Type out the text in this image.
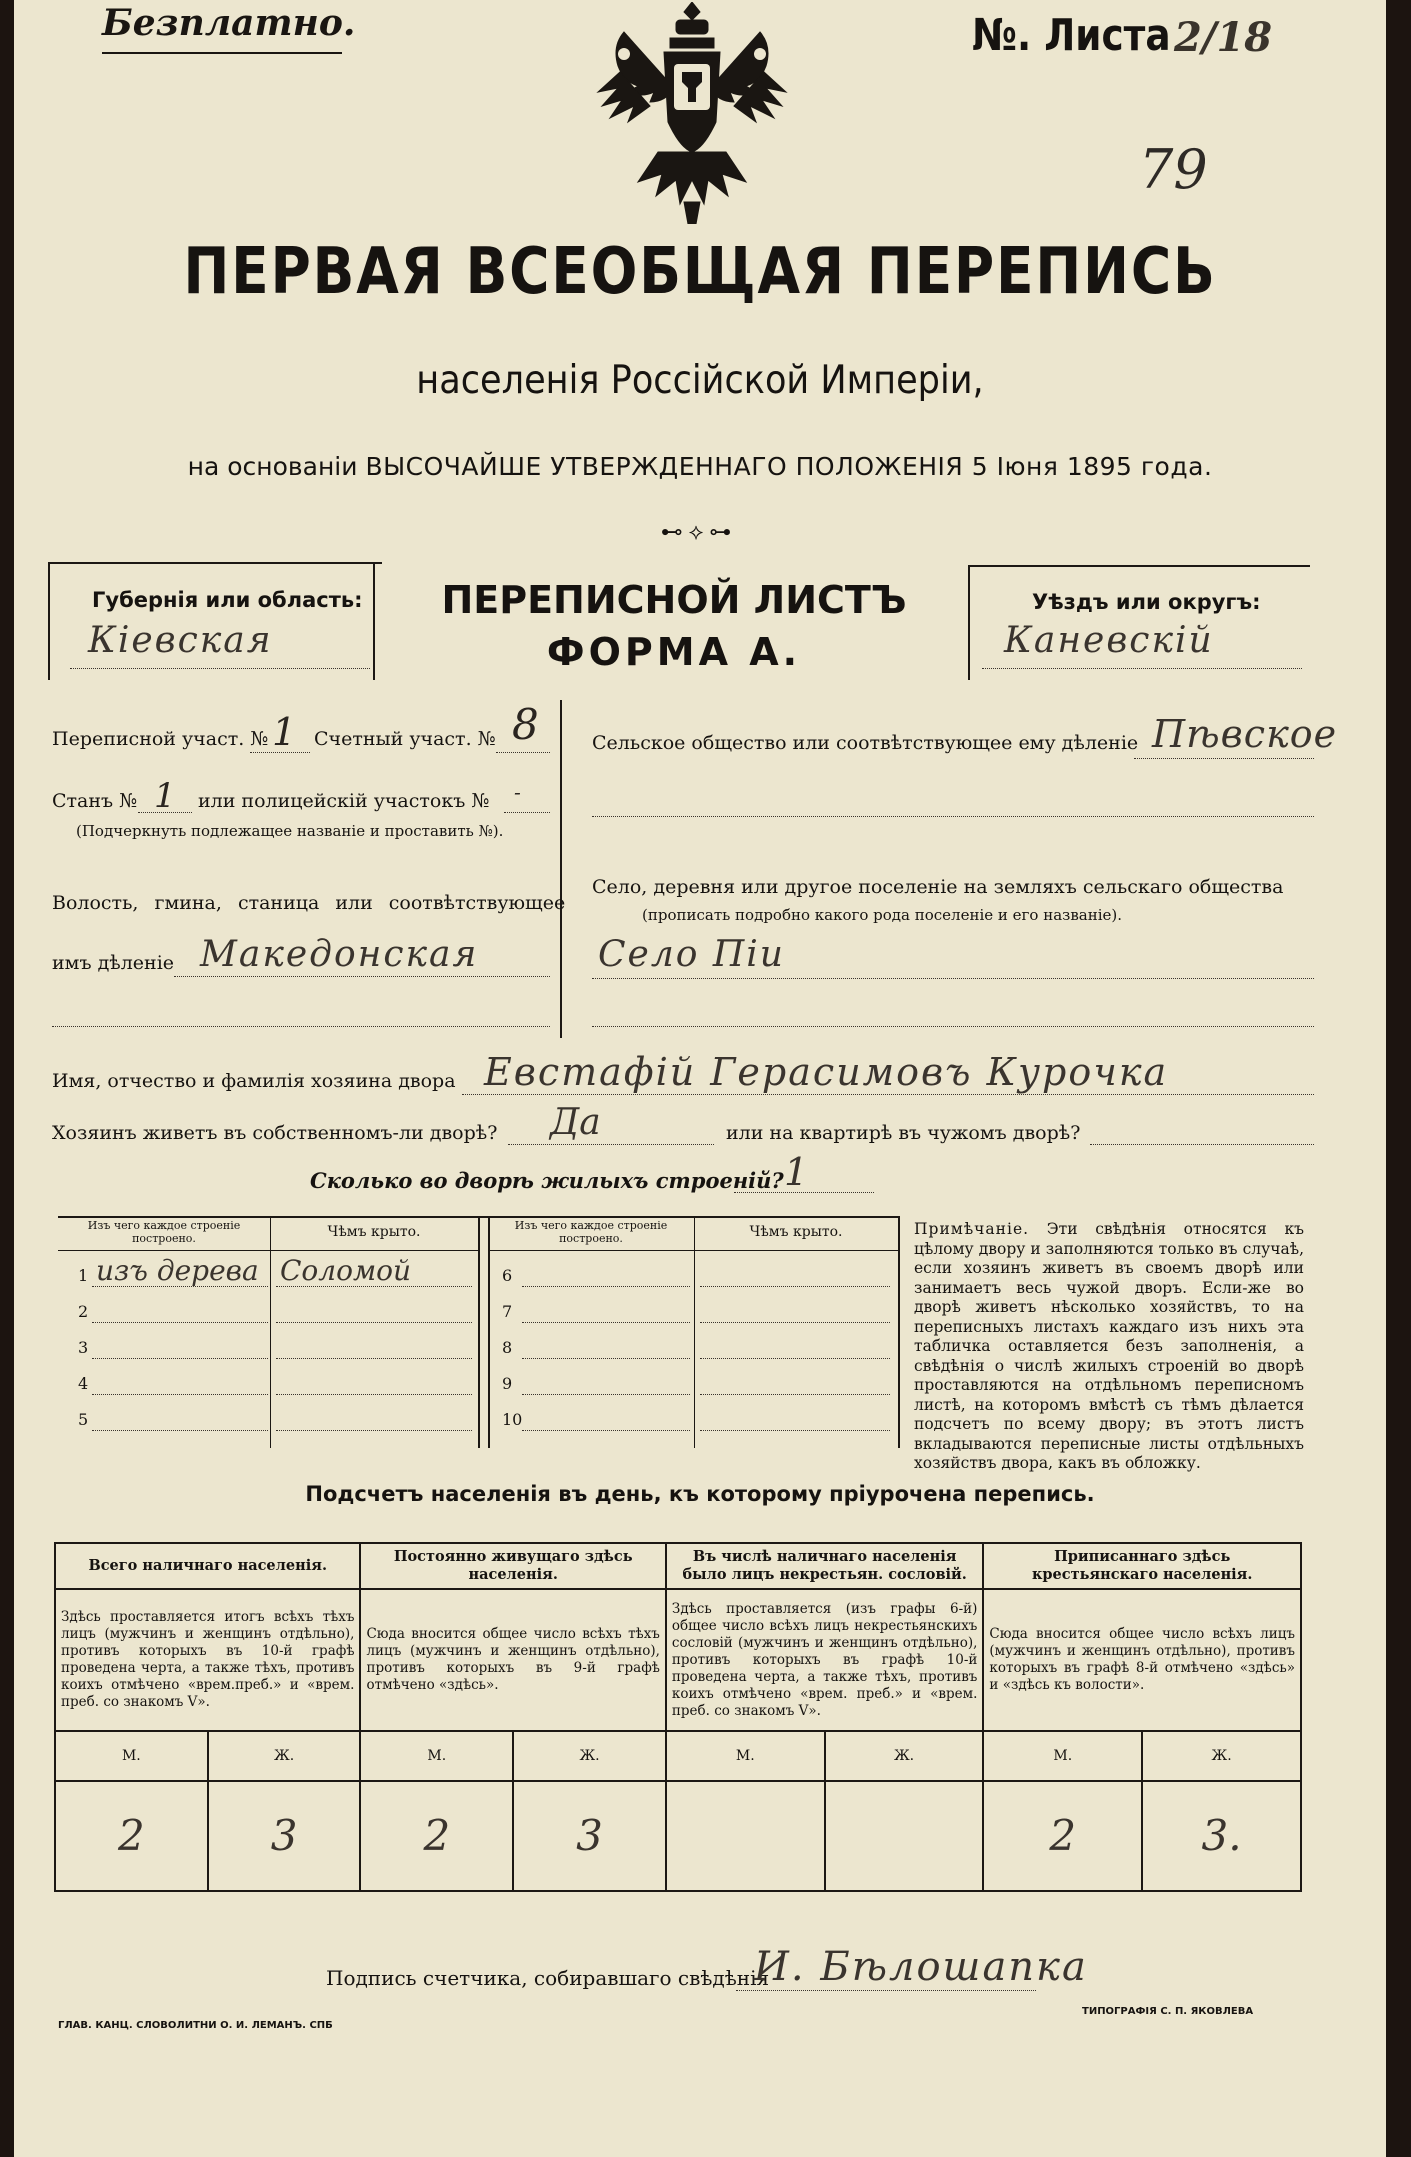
Безплатно.	№. Листа 2/18
79
ПЕРВАЯ ВСЕОБЩАЯ ПЕРЕПИСЬ
населенія Россійской Имперіи,
на основаніи ВЫСОЧАЙШЕ УТВЕРЖДЕННАГО ПОЛОЖЕНІЯ 5 Іюня 1895 года.
⊷⟡⊶
Губернія или область:
Кіевская
ПЕРЕПИСНОЙ ЛИСТЪ
ФОРМА А.
Уѣздъ или округъ:
Каневскій
Переписной участ. № 1 Счетный участ. № 8
Станъ № 1 или полицейскій участокъ № -
(Подчеркнуть подлежащее названіе и проставить №).
Волость, гмина, станица или соотвѣтствующее
имъ дѣленіе Македонская
Сельское общество или соотвѣтствующее ему дѣленіе Пѣвское
Село, деревня или другое поселеніе на земляхъ сельскаго общества
(прописать подробно какого рода поселеніе и его названіе).
Село Піи
Имя, отчество и фамилія хозяина двора Евстафій Герасимовъ Курочка
Хозяинъ живетъ въ собственномъ-ли дворѣ? Да	или на квартирѣ въ чужомъ дворѣ?
Сколько во дворѣ жилыхъ строеній? 1
Изъ чего каждое строеніе построено.	Чѣмъ крыто.	Изъ чего каждое строеніе построено.	Чѣмъ крыто.
1 изъ дерева Соломой
2
3
4
5
6
7
8
9
10
Примѣчаніе. Эти свѣдѣнія относятся къ цѣлому двору и заполняются только въ случаѣ, если хозяинъ живетъ въ своемъ дворѣ или занимаетъ весь чужой дворъ. Если-же во дворѣ живетъ нѣсколько хозяйствъ, то на переписныхъ листахъ каждаго изъ нихъ эта табличка оставляется безъ заполненія, а свѣдѣнія о числѣ жилыхъ строеній во дворѣ проставляются на отдѣльномъ переписномъ листѣ, на которомъ вмѣстѣ съ тѣмъ дѣлается подсчетъ по всему двору; въ этотъ листъ вкладываются переписные листы отдѣльныхъ хозяйствъ двора, какъ въ обложку.
Подсчетъ населенія въ день, къ которому пріурочена перепись.
Всего наличнаго населенія.		Постоянно живущаго здѣсь населенія.		Въ числѣ наличнаго населенія было лицъ некрестьян. сословій.		Приписаннаго здѣсь крестьянскаго населенія.	
Здѣсь проставляется итогъ всѣхъ тѣхъ лицъ (мужчинъ и женщинъ отдѣльно), противъ которыхъ въ 10-й графѣ проведена черта, а также тѣхъ, противъ коихъ отмѣчено «врем.преб.» и «врем. преб. со знакомъ V».		Сюда вносится общее число всѣхъ тѣхъ лицъ (мужчинъ и женщинъ отдѣльно), противъ которыхъ въ 9-й графѣ отмѣчено «здѣсь».		Здѣсь проставляется (изъ графы 6-й) общее число всѣхъ лицъ некрестьянскихъ сословій (мужчинъ и женщинъ отдѣльно), противъ которыхъ въ графѣ 10-й проведена черта, а также тѣхъ, противъ коихъ отмѣчено «врем. преб.» и «врем. преб. со знакомъ V».		Сюда вносится общее число всѣхъ лицъ (мужчинъ и женщинъ отдѣльно), противъ которыхъ въ графѣ 8-й отмѣчено «здѣсь» и «здѣсь къ волости».	
М.	Ж.	М.	Ж.	М.	Ж.	М.	Ж.
2	3	2	3			2	3.
Подпись счетчика, собиравшаго свѣдѣнія
И. Бѣлошапка
ГЛАВ. КАНЦ. СЛОВОЛИТНИ О. И. ЛЕМАНЪ. СПБ
ТИПОГРАФІЯ С. П. ЯКОВЛЕВА
